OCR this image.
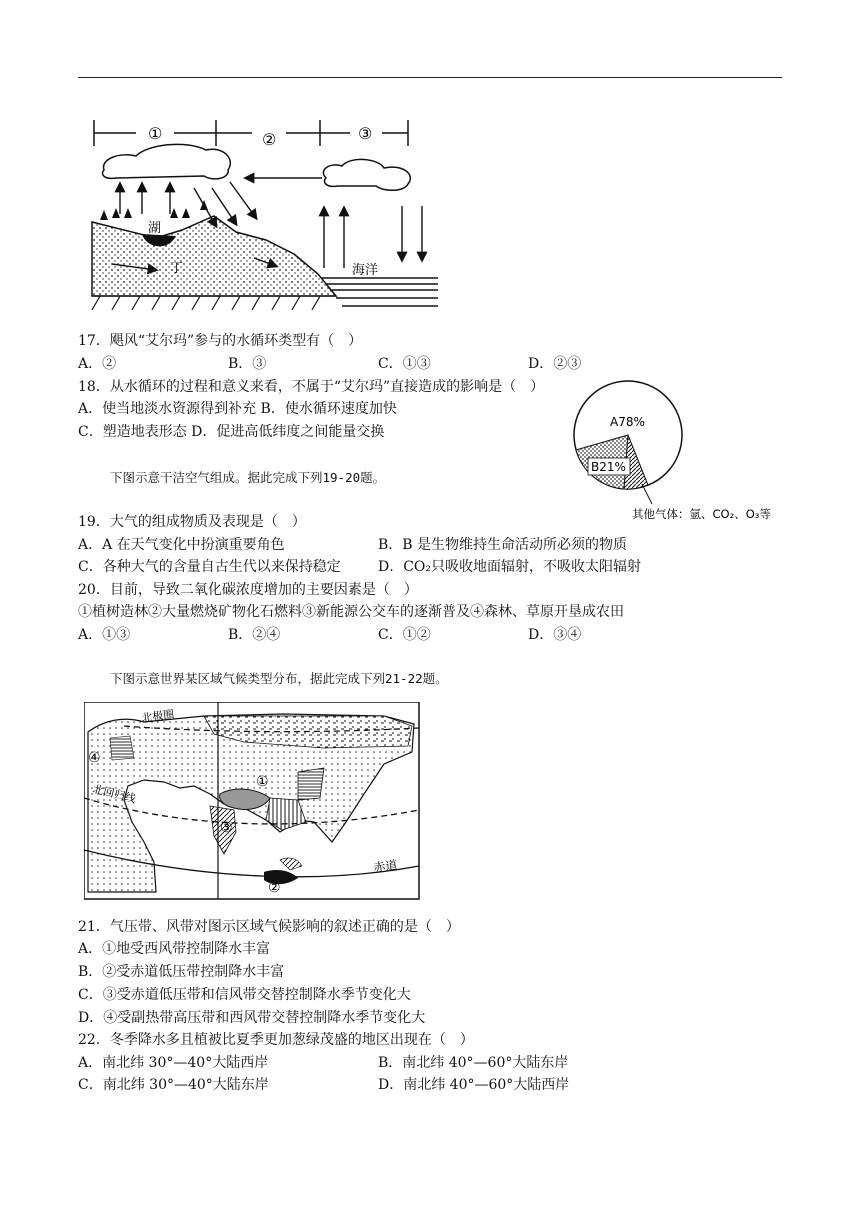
①	②	③
湖
丁	海洋
17．飓风“艾尔玛”参与的水循环类型有（　）
A．②	B．③	C．①③	D．②③
18．从水循环的过程和意义来看，不属于“艾尔玛”直接造成的影响是（　）
A．使当地淡水资源得到补充 B．使水循环速度加快
C．塑造地表形态 D．促进高低纬度之间能量交换
下图示意干洁空气组成。据此完成下列19-20题。
A78%
B21%
其他气体：氩、CO₂、O₃等
19．大气的组成物质及表现是（　）
A．A 在天气变化中扮演重要角色	B．B 是生物维持生命活动所必须的物质
C．各种大气的含量自古生代以来保持稳定	D．CO₂只吸收地面辐射，不吸收太阳辐射
20．目前，导致二氧化碳浓度增加的主要因素是（　）
①植树造林②大量燃烧矿物化石燃料③新能源公交车的逐渐普及④森林、草原开垦成农田
A．①③	B．②④	C．①②	D．③④
下图示意世界某区域气候类型分布，据此完成下列21-22题。
北极圈
北回归线
赤道
①
②
③
④
21．气压带、风带对图示区域气候影响的叙述正确的是（　）
A．①地受西风带控制降水丰富
B．②受赤道低压带控制降水丰富
C．③受赤道低压带和信风带交替控制降水季节变化大
D．④受副热带高压带和西风带交替控制降水季节变化大
22．冬季降水多且植被比夏季更加葱绿茂盛的地区出现在（　）
A．南北纬 30°—40°大陆西岸	B．南北纬 40°—60°大陆东岸
C．南北纬 30°—40°大陆东岸	D．南北纬 40°—60°大陆西岸
